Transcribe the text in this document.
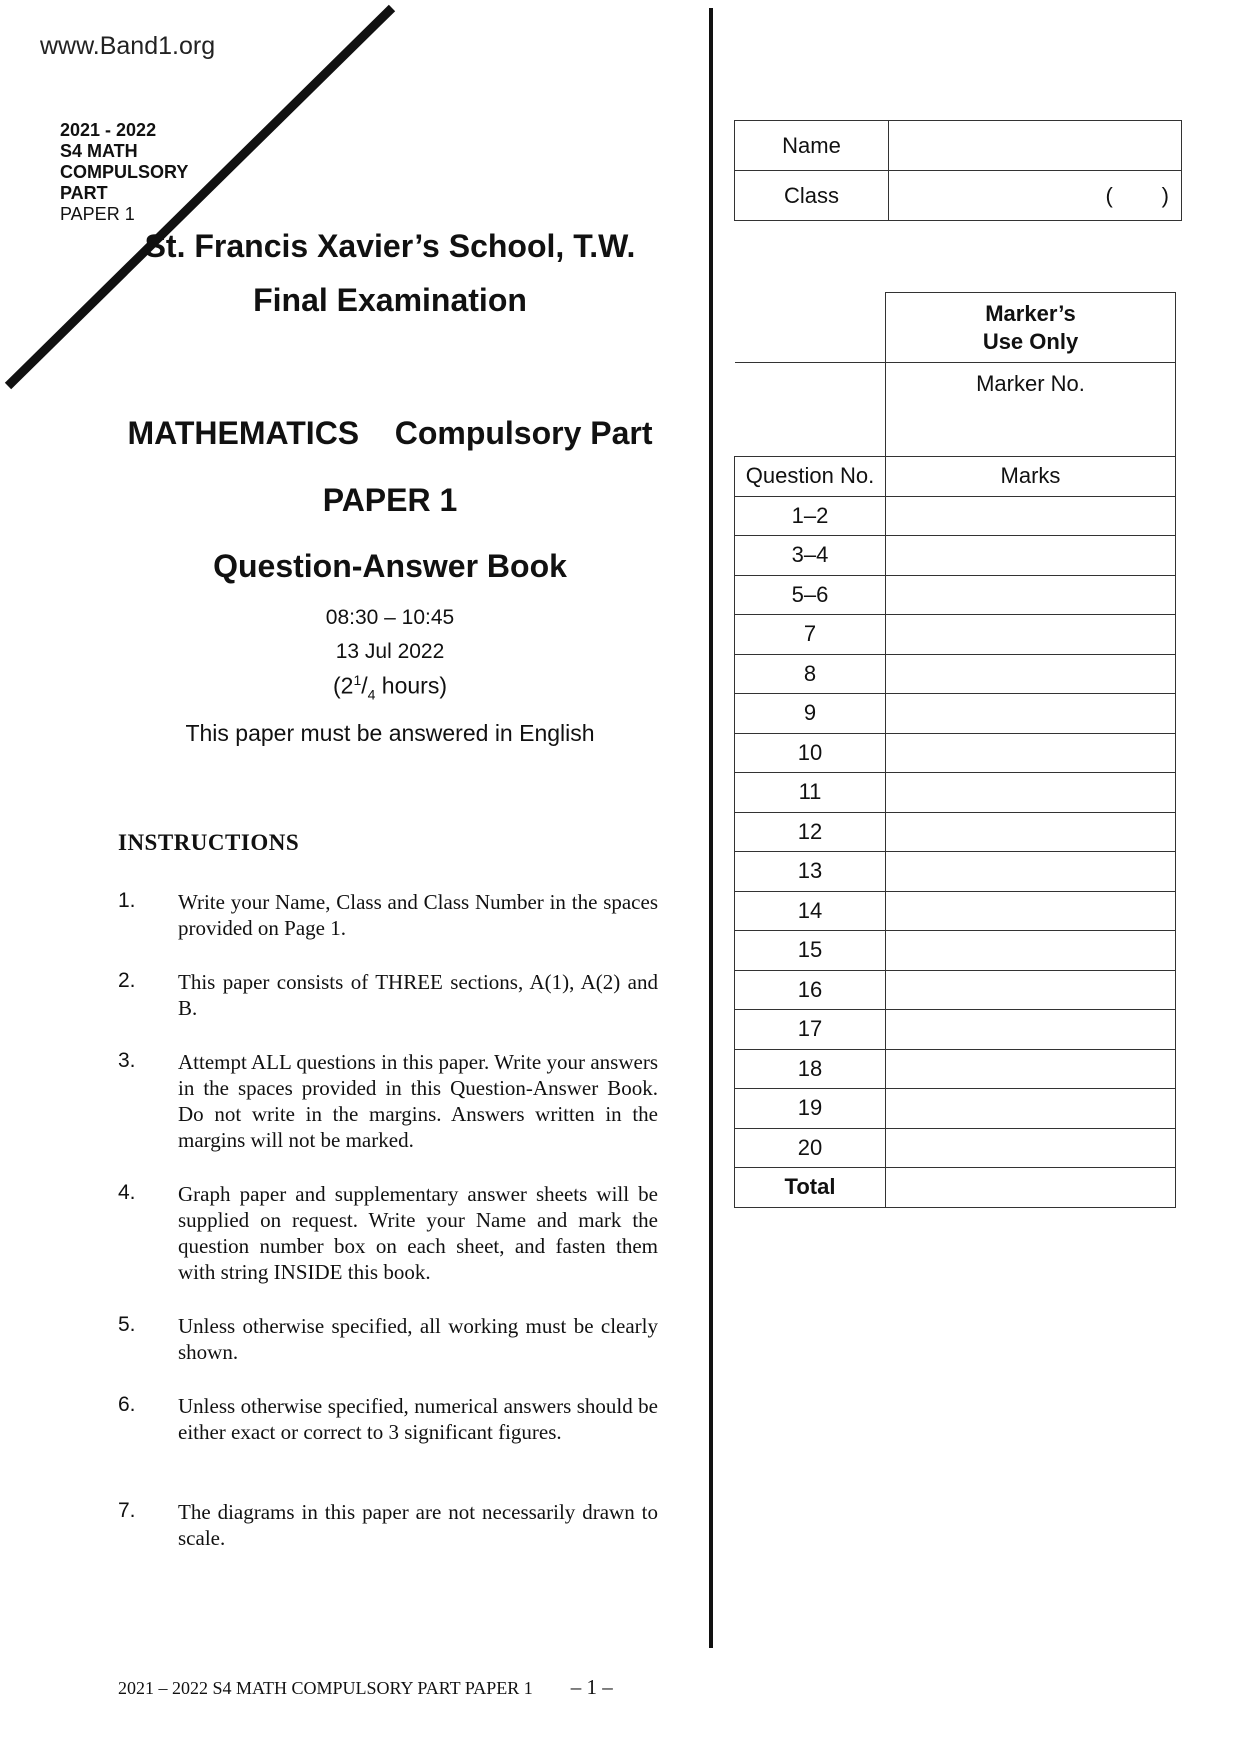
www.Band1.org
2021 - 2022
S4 MATH
COMPULSORY
PART
PAPER 1
St. Francis Xavier’s School, T.W.
Final Examination
MATHEMATICS    Compulsory Part
PAPER 1
Question-Answer Book
08:30 – 10:45
13 Jul 2022
($2^1/_4$ hours)
This paper must be answered in English
INSTRUCTIONS
1. Write your Name, Class and Class Number in the spaces provided on Page 1.
2. This paper consists of THREE sections, A(1), A(2) and B.
3. Attempt ALL questions in this paper. Write your answers in the spaces provided in this Question-Answer Book. Do not write in the margins. Answers written in the margins will not be marked.
4. Graph paper and supplementary answer sheets will be supplied on request. Write your Name and mark the question number box on each sheet, and fasten them with string INSIDE this book.
5. Unless otherwise specified, all working must be clearly shown.
6. Unless otherwise specified, numerical answers should be either exact or correct to 3 significant figures.
7. The diagrams in this paper are not necessarily drawn to scale.
Name	
Class	(        )
	Marker’s
Use Only
	Marker No.
Question No.	Marks
1–2	
3–4	
5–6	
7	
8	
9	
10	
11	
12	
13	
14	
15	
16	
17	
18	
19	
20	
Total	
2021 – 2022 S4 MATH COMPULSORY PART PAPER 1 – 1 –
